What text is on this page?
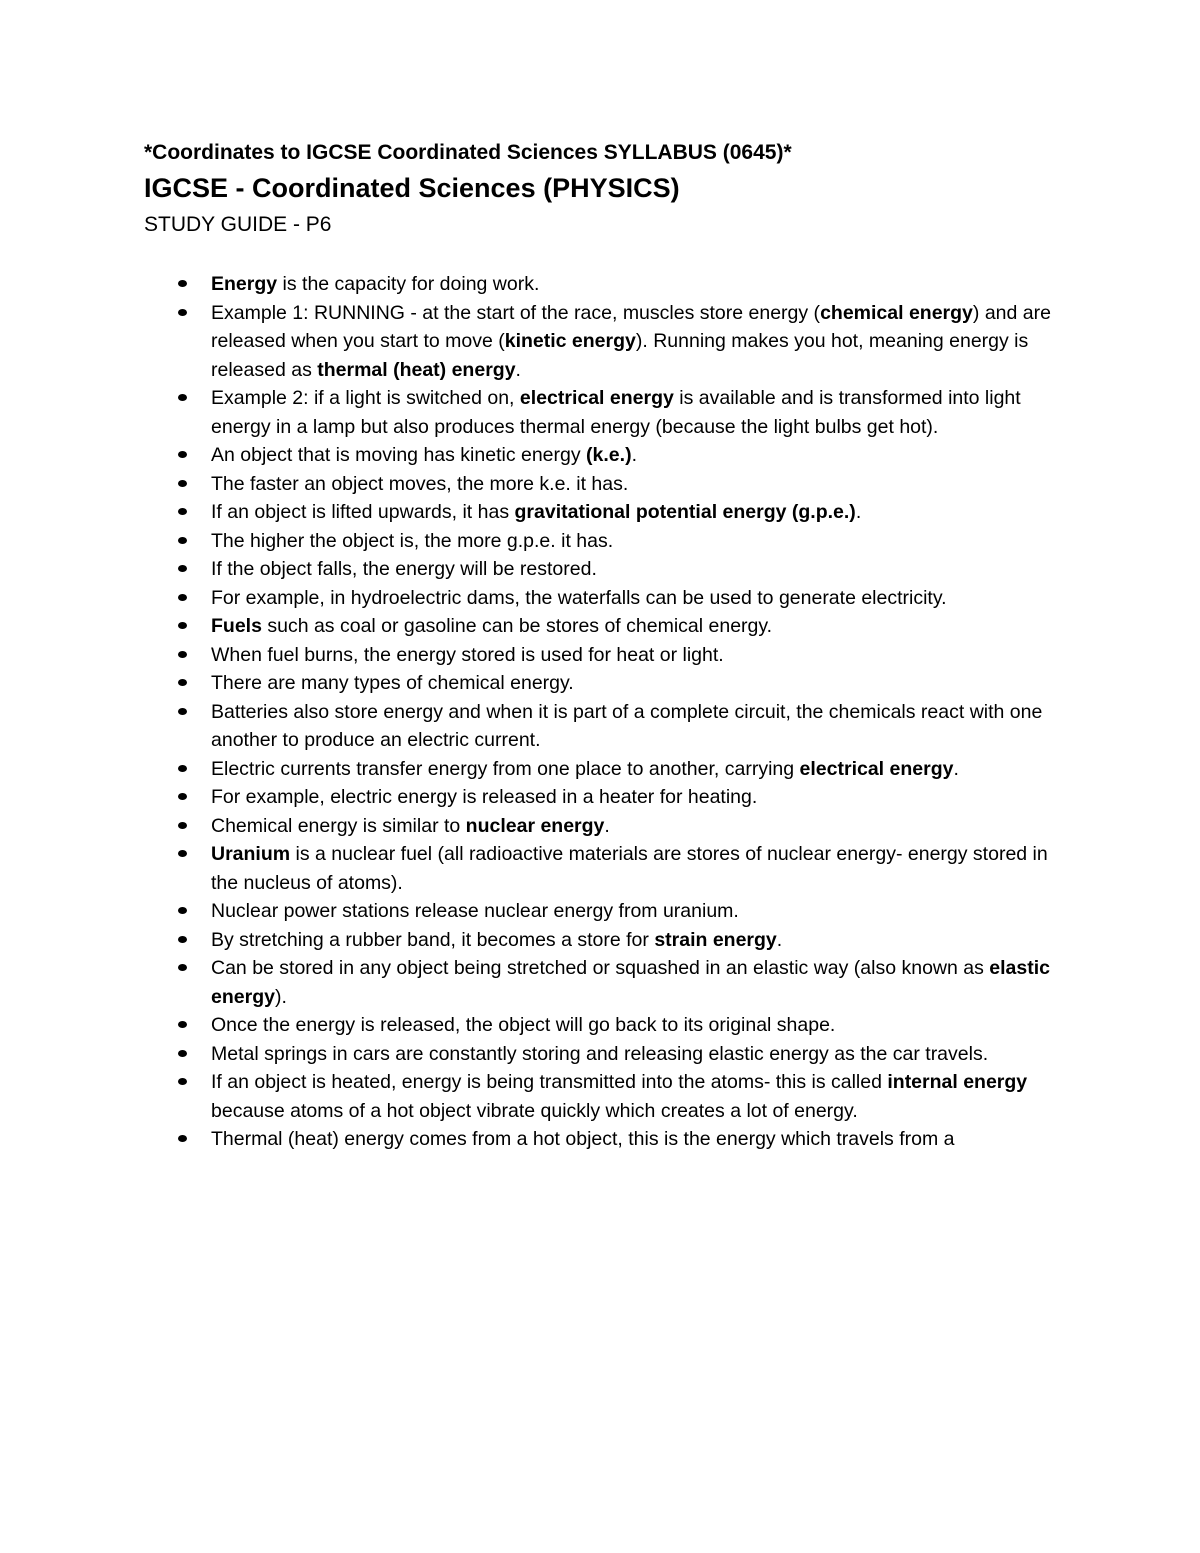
*Coordinates to IGCSE Coordinated Sciences SYLLABUS (0645)*
IGCSE - Coordinated Sciences (PHYSICS)
STUDY GUIDE - P6
Energy is the capacity for doing work.
Example 1: RUNNING - at the start of the race, muscles store energy (chemical energy) and are released when you start to move (kinetic energy). Running makes you hot, meaning energy is released as thermal (heat) energy.
Example 2: if a light is switched on, electrical energy is available and is transformed into light energy in a lamp but also produces thermal energy (because the light bulbs get hot).
An object that is moving has kinetic energy (k.e.).
The faster an object moves, the more k.e. it has.
If an object is lifted upwards, it has gravitational potential energy (g.p.e.).
The higher the object is, the more g.p.e. it has.
If the object falls, the energy will be restored.
For example, in hydroelectric dams, the waterfalls can be used to generate electricity.
Fuels such as coal or gasoline can be stores of chemical energy.
When fuel burns, the energy stored is used for heat or light.
There are many types of chemical energy.
Batteries also store energy and when it is part of a complete circuit, the chemicals react with one another to produce an electric current.
Electric currents transfer energy from one place to another, carrying electrical energy.
For example, electric energy is released in a heater for heating.
Chemical energy is similar to nuclear energy.
Uranium is a nuclear fuel (all radioactive materials are stores of nuclear energy- energy stored in the nucleus of atoms).
Nuclear power stations release nuclear energy from uranium.
By stretching a rubber band, it becomes a store for strain energy.
Can be stored in any object being stretched or squashed in an elastic way (also known as elastic energy).
Once the energy is released, the object will go back to its original shape.
Metal springs in cars are constantly storing and releasing elastic energy as the car travels.
If an object is heated, energy is being transmitted into the atoms- this is called internal energy because atoms of a hot object vibrate quickly which creates a lot of energy.
Thermal (heat) energy comes from a hot object, this is the energy which travels from a
